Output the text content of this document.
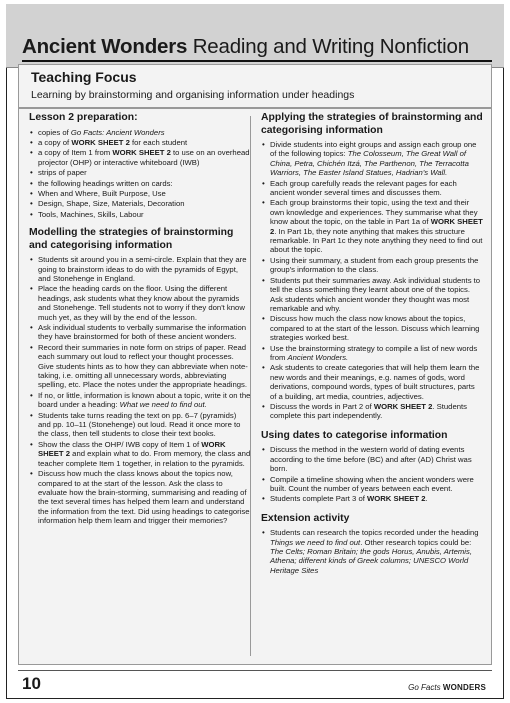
Ancient Wonders Reading and Writing Nonfiction
Teaching Focus
Learning by brainstorming and organising information under headings
Lesson 2 preparation:
• copies of Go Facts: Ancient Wonders
• a copy of WORK SHEET 2 for each student
• a copy of Item 1 from WORK SHEET 2 to use on an overhead projector (OHP) or interactive whiteboard (IWB)
• strips of paper
• the following headings written on cards:
• When and Where, Built Purpose, Use
• Design, Shape, Size, Materials, Decoration
• Tools, Machines, Skills, Labour
Modelling the strategies of brainstorming and categorising information
• Students sit around you in a semi-circle. Explain that they are going to brainstorm ideas to do with the pyramids of Egypt, and Stonehenge in England.
• Place the heading cards on the floor. Using the different headings, ask students what they know about the pyramids and Stonehenge. Tell students not to worry if they don't know much yet, as they will by the end of the lesson.
• Ask individual students to verbally summarise the information they have brainstormed for both of these ancient wonders.
• Record their summaries in note form on strips of paper. Read each summary out loud to reflect your thought processes. Give students hints as to how they can abbreviate when note-taking, i.e. omitting all unnecessary words, abbreviating spelling, etc. Place the notes under the appropriate headings.
• If no, or little, information is known about a topic, write it on the board under a heading: What we need to find out.
• Students take turns reading the text on pp. 6–7 (pyramids) and pp. 10–11 (Stonehenge) out loud. Read it once more to the class, then tell students to close their text books.
• Show the class the OHP/ IWB copy of Item 1 of WORK SHEET 2 and explain what to do. From memory, the class and teacher complete Item 1 together, in relation to the pyramids.
• Discuss how much the class knows about the topics now, compared to at the start of the lesson. Ask the class to evaluate how the brain-storming, summarising and reading of the text several times has helped them learn and understand the information from the text. Did using headings to categorise information help them learn and trigger their memories?
Applying the strategies of brainstorming and categorising information
• Divide students into eight groups and assign each group one of the following topics: The Colosseum, The Great Wall of China, Petra, Chichén Itzá, The Parthenon, The Terracotta Warriors, The Easter Island Statues, Hadrian's Wall.
• Each group carefully reads the relevant pages for each ancient wonder several times and discusses them.
• Each group brainstorms their topic, using the text and their own knowledge and experiences. They summarise what they know about the topic, on the table in Part 1a of WORK SHEET 2. In Part 1b, they note anything that makes this structure remarkable. In Part 1c they note anything they need to find out about the topic.
• Using their summary, a student from each group presents the group's information to the class.
• Students put their summaries away. Ask individual students to tell the class something they learnt about one of the topics. Ask students which ancient wonder they thought was most remarkable and why.
• Discuss how much the class now knows about the topics, compared to at the start of the lesson. Discuss which learning strategies worked best.
• Use the brainstorming strategy to compile a list of new words from Ancient Wonders.
• Ask students to create categories that will help them learn the new words and their meanings, e.g. names of gods, word derivations, compound words, types of built structures, parts of a building, art media, countries, adjectives.
• Discuss the words in Part 2 of WORK SHEET 2. Students complete this part independently.
Using dates to categorise information
• Discuss the method in the western world of dating events according to the time before (BC) and after (AD) Christ was born.
• Compile a timeline showing when the ancient wonders were built. Count the number of years between each event.
• Students complete Part 3 of WORK SHEET 2.
Extension activity
• Students can research the topics recorded under the heading Things we need to find out. Other research topics could be: The Celts; Roman Britain; the gods Horus, Anubis, Artemis, Athena; different kinds of Greek columns; UNESCO World Heritage Sites
10	Go Facts WONDERS
